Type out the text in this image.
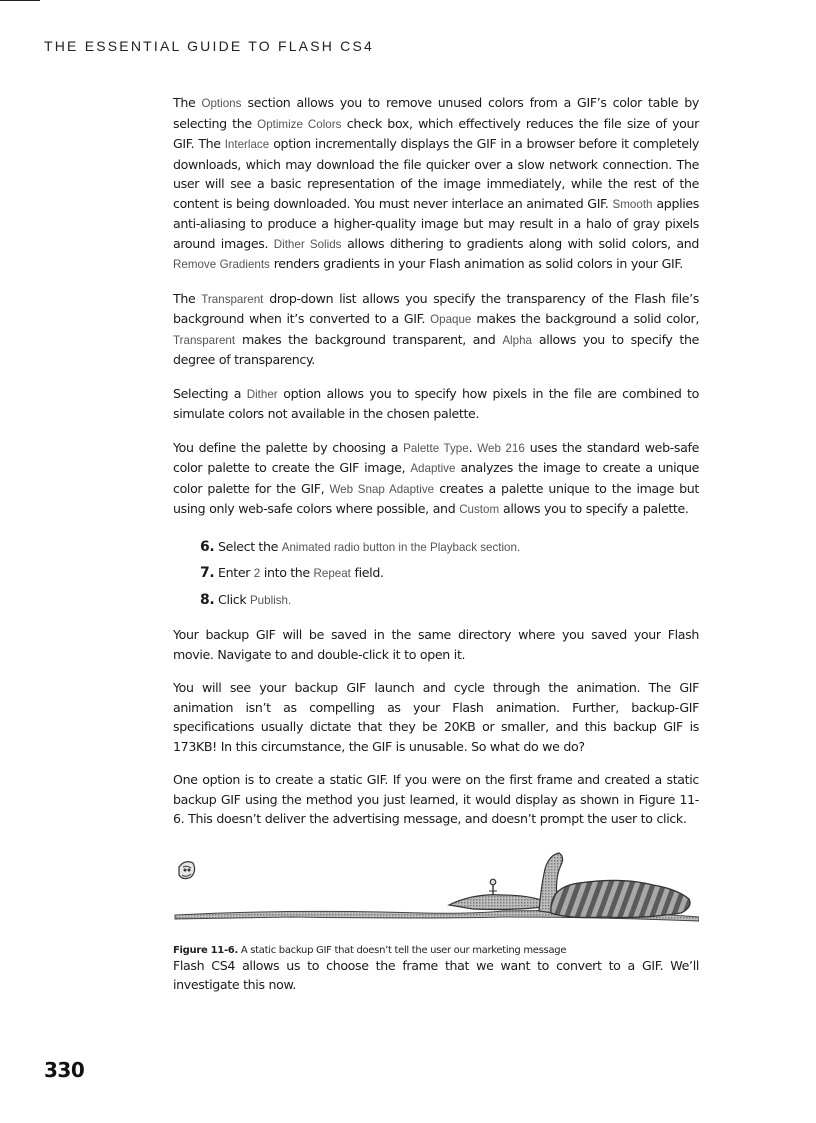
THE ESSENTIAL GUIDE TO FLASH CS4

The Options section allows you to remove unused colors from a GIF’s color table by selecting the Optimize Colors check box, which effectively reduces the file size of your GIF. The Interlace option incrementally displays the GIF in a browser before it completely downloads, which may download the file quicker over a slow network connection. The user will see a basic representation of the image immediately, while the rest of the content is being downloaded. You must never interlace an animated GIF. Smooth applies anti-aliasing to produce a higher-quality image but may result in a halo of gray pixels around images. Dither Solids allows dithering to gradients along with solid colors, and Remove Gradients renders gradients in your Flash animation as solid colors in your GIF.

The Transparent drop-down list allows you specify the transparency of the Flash file’s background when it’s converted to a GIF. Opaque makes the background a solid color, Transparent makes the background transparent, and Alpha allows you to specify the degree of transparency.

Selecting a Dither option allows you to specify how pixels in the file are combined to simulate colors not available in the chosen palette.

You define the palette by choosing a Palette Type. Web 216 uses the standard web-safe color palette to create the GIF image, Adaptive analyzes the image to create a unique color palette for the GIF, Web Snap Adaptive creates a palette unique to the image but using only web-safe colors where possible, and Custom allows you to specify a palette.

6. Select the Animated radio button in the Playback section.
7. Enter 2 into the Repeat field.
8. Click Publish.

Your backup GIF will be saved in the same directory where you saved your Flash movie. Navigate to and double-click it to open it.

You will see your backup GIF launch and cycle through the animation. The GIF animation isn’t as compelling as your Flash animation. Further, backup-GIF specifications usually dictate that they be 20KB or smaller, and this backup GIF is 173KB! In this circumstance, the GIF is unusable. So what do we do?

One option is to create a static GIF. If you were on the first frame and created a static backup GIF using the method you just learned, it would display as shown in Figure 11-6. This doesn’t deliver the advertising message, and doesn’t prompt the user to click.

Figure 11-6. A static backup GIF that doesn’t tell the user our marketing message

Flash CS4 allows us to choose the frame that we want to convert to a GIF. We’ll investigate this now.

330
